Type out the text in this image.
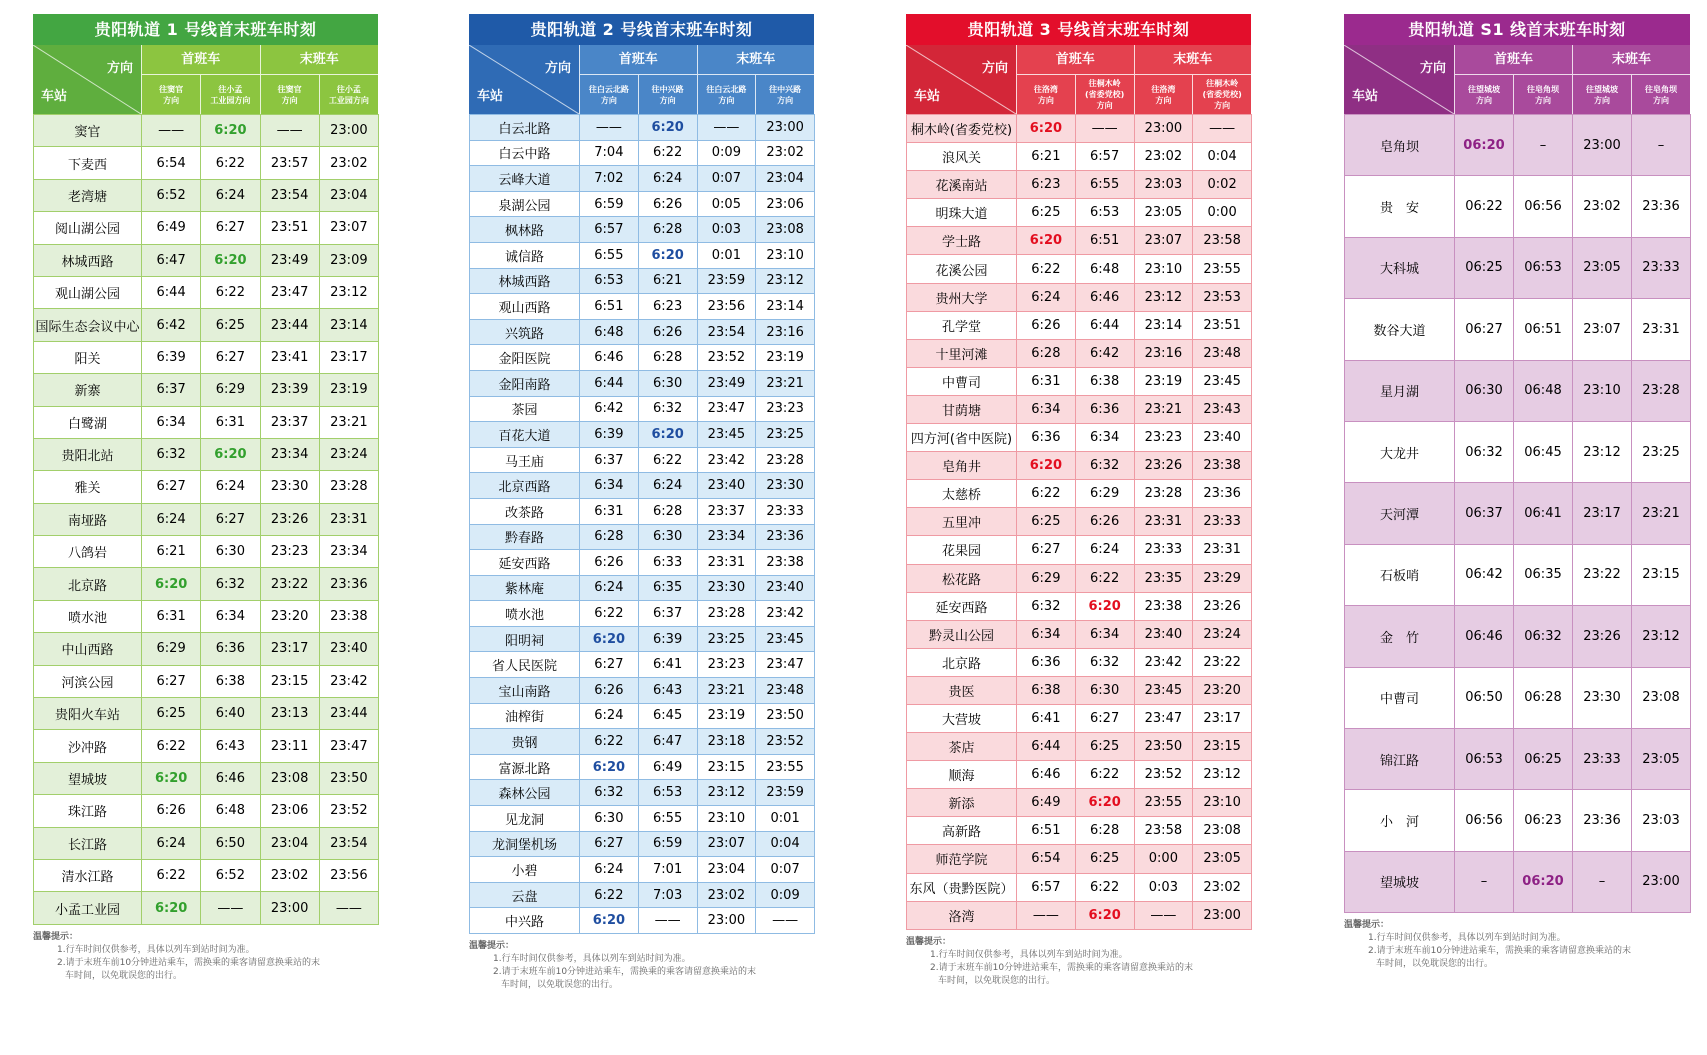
贵阳轨道 1 号线首末班车时刻
方向
车站
首班车	末班车
往窦官
方向
往小孟
工业园方向
往窦官
方向
往小孟
工业园方向
窦官	——	6:20	——	23:00
下麦西	6:54	6:22	23:57	23:02
老湾塘	6:52	6:24	23:54	23:04
阅山湖公园	6:49	6:27	23:51	23:07
林城西路	6:47	6:20	23:49	23:09
观山湖公园	6:44	6:22	23:47	23:12
国际生态会议中心	6:42	6:25	23:44	23:14
阳关	6:39	6:27	23:41	23:17
新寨	6:37	6:29	23:39	23:19
白鹭湖	6:34	6:31	23:37	23:21
贵阳北站	6:32	6:20	23:34	23:24
雅关	6:27	6:24	23:30	23:28
南垭路	6:24	6:27	23:26	23:31
八鸽岩	6:21	6:30	23:23	23:34
北京路	6:20	6:32	23:22	23:36
喷水池	6:31	6:34	23:20	23:38
中山西路	6:29	6:36	23:17	23:40
河滨公园	6:27	6:38	23:15	23:42
贵阳火车站	6:25	6:40	23:13	23:44
沙冲路	6:22	6:43	23:11	23:47
望城坡	6:20	6:46	23:08	23:50
珠江路	6:26	6:48	23:06	23:52
长江路	6:24	6:50	23:04	23:54
清水江路	6:22	6:52	23:02	23:56
小孟工业园	6:20	——	23:00	——
温馨提示：
1.行车时间仅供参考，具体以列车到站时间为准。
2.请于末班车前10分钟进站乘车，需换乘的乘客请留意换乘站的末
车时间，以免耽误您的出行。
贵阳轨道 2 号线首末班车时刻
方向
车站
首班车	末班车
往白云北路
方向
往中兴路
方向
往白云北路
方向
往中兴路
方向
白云北路	——	6:20	——	23:00
白云中路	7:04	6:22	0:09	23:02
云峰大道	7:02	6:24	0:07	23:04
泉湖公园	6:59	6:26	0:05	23:06
枫林路	6:57	6:28	0:03	23:08
诚信路	6:55	6:20	0:01	23:10
林城西路	6:53	6:21	23:59	23:12
观山西路	6:51	6:23	23:56	23:14
兴筑路	6:48	6:26	23:54	23:16
金阳医院	6:46	6:28	23:52	23:19
金阳南路	6:44	6:30	23:49	23:21
茶园	6:42	6:32	23:47	23:23
百花大道	6:39	6:20	23:45	23:25
马王庙	6:37	6:22	23:42	23:28
北京西路	6:34	6:24	23:40	23:30
改茶路	6:31	6:28	23:37	23:33
黔春路	6:28	6:30	23:34	23:36
延安西路	6:26	6:33	23:31	23:38
紫林庵	6:24	6:35	23:30	23:40
喷水池	6:22	6:37	23:28	23:42
阳明祠	6:20	6:39	23:25	23:45
省人民医院	6:27	6:41	23:23	23:47
宝山南路	6:26	6:43	23:21	23:48
油榨街	6:24	6:45	23:19	23:50
贵钢	6:22	6:47	23:18	23:52
富源北路	6:20	6:49	23:15	23:55
森林公园	6:32	6:53	23:12	23:59
见龙洞	6:30	6:55	23:10	0:01
龙洞堡机场	6:27	6:59	23:07	0:04
小碧	6:24	7:01	23:04	0:07
云盘	6:22	7:03	23:02	0:09
中兴路	6:20	——	23:00	——
温馨提示：
1.行车时间仅供参考，具体以列车到站时间为准。
2.请于末班车前10分钟进站乘车，需换乘的乘客请留意换乘站的末
车时间，以免耽误您的出行。
贵阳轨道 3 号线首末班车时刻
方向
车站
首班车	末班车
往洛湾
方向
往桐木岭
(省委党校)
方向
往洛湾
方向
往桐木岭
(省委党校)
方向
桐木岭(省委党校)	6:20	——	23:00	——
浪风关	6:21	6:57	23:02	0:04
花溪南站	6:23	6:55	23:03	0:02
明珠大道	6:25	6:53	23:05	0:00
学士路	6:20	6:51	23:07	23:58
花溪公园	6:22	6:48	23:10	23:55
贵州大学	6:24	6:46	23:12	23:53
孔学堂	6:26	6:44	23:14	23:51
十里河滩	6:28	6:42	23:16	23:48
中曹司	6:31	6:38	23:19	23:45
甘荫塘	6:34	6:36	23:21	23:43
四方河(省中医院)	6:36	6:34	23:23	23:40
皂角井	6:20	6:32	23:26	23:38
太慈桥	6:22	6:29	23:28	23:36
五里冲	6:25	6:26	23:31	23:33
花果园	6:27	6:24	23:33	23:31
松花路	6:29	6:22	23:35	23:29
延安西路	6:32	6:20	23:38	23:26
黔灵山公园	6:34	6:34	23:40	23:24
北京路	6:36	6:32	23:42	23:22
贵医	6:38	6:30	23:45	23:20
大营坡	6:41	6:27	23:47	23:17
茶店	6:44	6:25	23:50	23:15
顺海	6:46	6:22	23:52	23:12
新添	6:49	6:20	23:55	23:10
高新路	6:51	6:28	23:58	23:08
师范学院	6:54	6:25	0:00	23:05
东风（贵黔医院）	6:57	6:22	0:03	23:02
洛湾	——	6:20	——	23:00
温馨提示：
1.行车时间仅供参考，具体以列车到站时间为准。
2.请于末班车前10分钟进站乘车，需换乘的乘客请留意换乘站的末
车时间，以免耽误您的出行。
贵阳轨道 S1 线首末班车时刻
方向
车站
首班车	末班车
往望城坡
方向
往皂角坝
方向
往望城坡
方向
往皂角坝
方向
皂角坝	06:20	–	23:00	–
贵　安	06:22	06:56	23:02	23:36
大科城	06:25	06:53	23:05	23:33
数谷大道	06:27	06:51	23:07	23:31
星月湖	06:30	06:48	23:10	23:28
大龙井	06:32	06:45	23:12	23:25
天河潭	06:37	06:41	23:17	23:21
石板哨	06:42	06:35	23:22	23:15
金　竹	06:46	06:32	23:26	23:12
中曹司	06:50	06:28	23:30	23:08
锦江路	06:53	06:25	23:33	23:05
小　河	06:56	06:23	23:36	23:03
望城坡	–	06:20	–	23:00
温馨提示：
1.行车时间仅供参考，具体以列车到站时间为准。
2.请于末班车前10分钟进站乘车，需换乘的乘客请留意换乘站的末
车时间，以免耽误您的出行。
